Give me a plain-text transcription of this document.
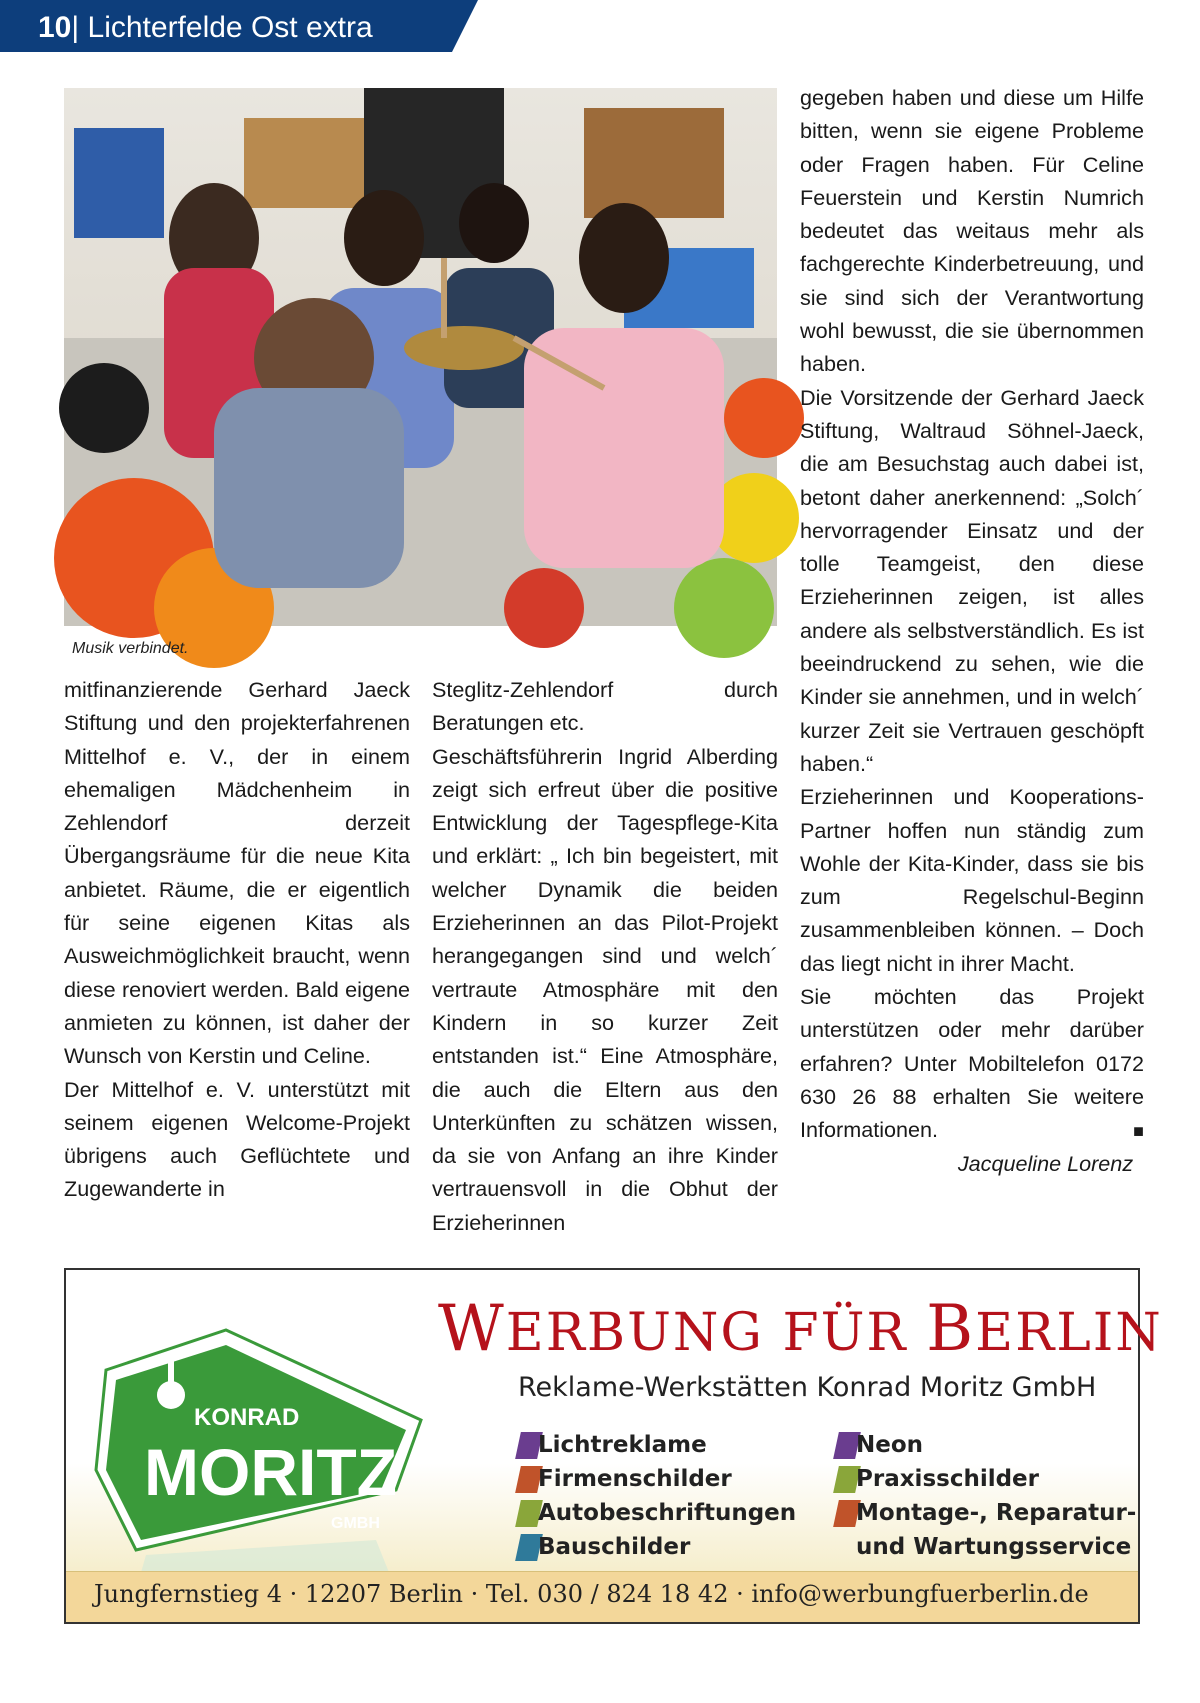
10| Lichterfelde Ost extra
Musik verbindet.

mitfinanzierende Gerhard Jaeck Stiftung und den projekterfahrenen Mittelhof e. V., der in einem ehemaligen Mädchenheim in Zehlendorf derzeit Übergangsräume für die neue Kita anbietet. Räume, die er eigentlich für seine eigenen Kitas als Ausweichmöglichkeit braucht, wenn diese renoviert werden. Bald eigene anmieten zu können, ist daher der Wunsch von Kerstin und Celine.

Der Mittelhof e. V. unterstützt mit seinem eigenen Welcome-Projekt übrigens auch Geflüchtete und Zugewanderte in

Steglitz-Zehlendorf durch Beratungen etc.

Geschäftsführerin Ingrid Alberding zeigt sich erfreut über die positive Entwicklung der Tagespflege-Kita und erklärt: „ Ich bin begeistert, mit welcher Dynamik die beiden Erzieherinnen an das Pilot-Projekt herangegangen sind und welch´ vertraute Atmosphäre mit den Kindern in so kurzer Zeit entstanden ist.“ Eine Atmosphäre, die auch die Eltern aus den Unterkünften zu schätzen wissen, da sie von Anfang an ihre Kinder vertrauensvoll in die Obhut der Erzieherinnen

gegeben haben und diese um Hilfe bitten, wenn sie eigene Probleme oder Fragen haben. Für Celine Feuerstein und Kerstin Numrich bedeutet das weitaus mehr als fachgerechte Kinderbetreuung, und sie sind sich der Verantwortung wohl bewusst, die sie übernommen haben.

Die Vorsitzende der Gerhard Jaeck Stiftung, Waltraud Söhnel-Jaeck, die am Besuchstag auch dabei ist, betont daher anerkennend: „Solch´ hervorragender Einsatz und der tolle Teamgeist, den diese Erzieherinnen zeigen, ist alles andere als selbstverständlich. Es ist beeindruckend zu sehen, wie die Kinder sie annehmen, und in welch´ kurzer Zeit sie Vertrauen geschöpft haben.“

Erzieherinnen und Kooperations-Partner hoffen nun ständig zum Wohle der Kita-Kinder, dass sie bis zum Regelschul-Beginn zusammenbleiben können. – Doch das liegt nicht in ihrer Macht.

Sie möchten das Projekt unterstützen oder mehr darüber erfahren? Unter Mobiltelefon 0172 630 26 88 erhalten Sie weitere Informationen.	■

Jacqueline Lorenz

KONRAD
MORITZ
GMBH
WERBUNG FÜR BERLIN
Reklame-Werkstätten Konrad Moritz GmbH
Lichtreklame
Firmenschilder
Autobeschriftungen
Bauschilder
Neon
Praxisschilder
Montage-, Reparatur-
und Wartungsservice
Jungfernstieg 4 · 12207 Berlin · Tel. 030 / 824 18 42 · info@werbungfuerberlin.de
